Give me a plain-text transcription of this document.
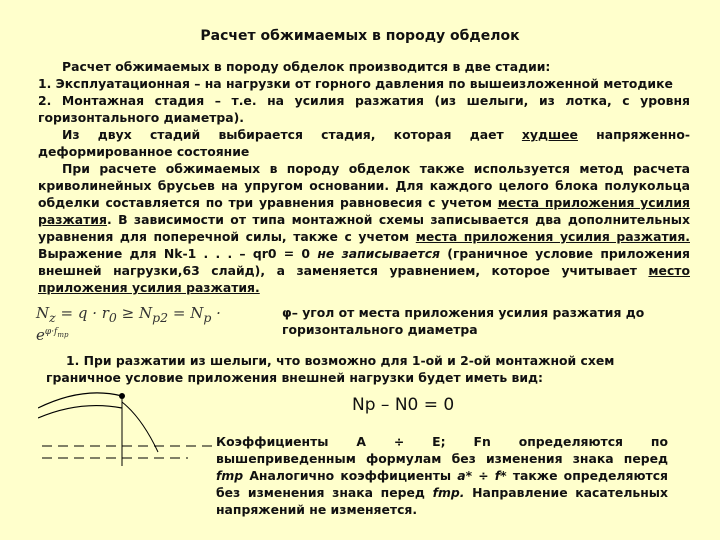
Расчет обжимаемых в породу обделок

Расчет обжимаемых в породу обделок производится в две стадии:

1. Эксплуатационная – на нагрузки от горного давления по вышеизложенной методике

2. Монтажная стадия – т.е. на усилия разжатия (из шелыги, из лотка, с уровня горизонтального диаметра).

Из двух стадий выбирается стадия, которая дает худшее напряженно-деформированное состояние

При расчете обжимаемых в породу обделок также используется метод расчета криволинейных брусьев на упругом основании. Для каждого целого блока полукольца обделки составляется по три уравнения равновесия с учетом места приложения усилия разжатия. В зависимости от типа монтажной схемы записывается два дополнительных уравнения для поперечной силы, также с учетом места приложения усилия разжатия. Выражение для Nk-1 . . . – qr0 = 0 не записывается (граничное условие приложения внешней нагрузки,63 слайд), а заменяется уравнением, которое учитывает место приложения усилия разжатия.

$N_z = q \cdot r_0 \ge N_{p2} = N_p \cdot e^{\varphi\cdot f_{тр}}$
φ– угол от места приложения усилия разжатия до горизонтального диаметра
1. При разжатии из шелыги, что возможно для 1-ой и 2-ой монтажной схем
граничное условие приложения внешней нагрузки будет иметь вид:
Np – N0 = 0
Коэффициенты А ÷ Е; Fn определяются по вышеприведенным формулам без изменения знака перед fmp Аналогично коэффициенты a* ÷ f* также определяются без изменения знака перед fmp. Направление касательных напряжений не изменяется.
